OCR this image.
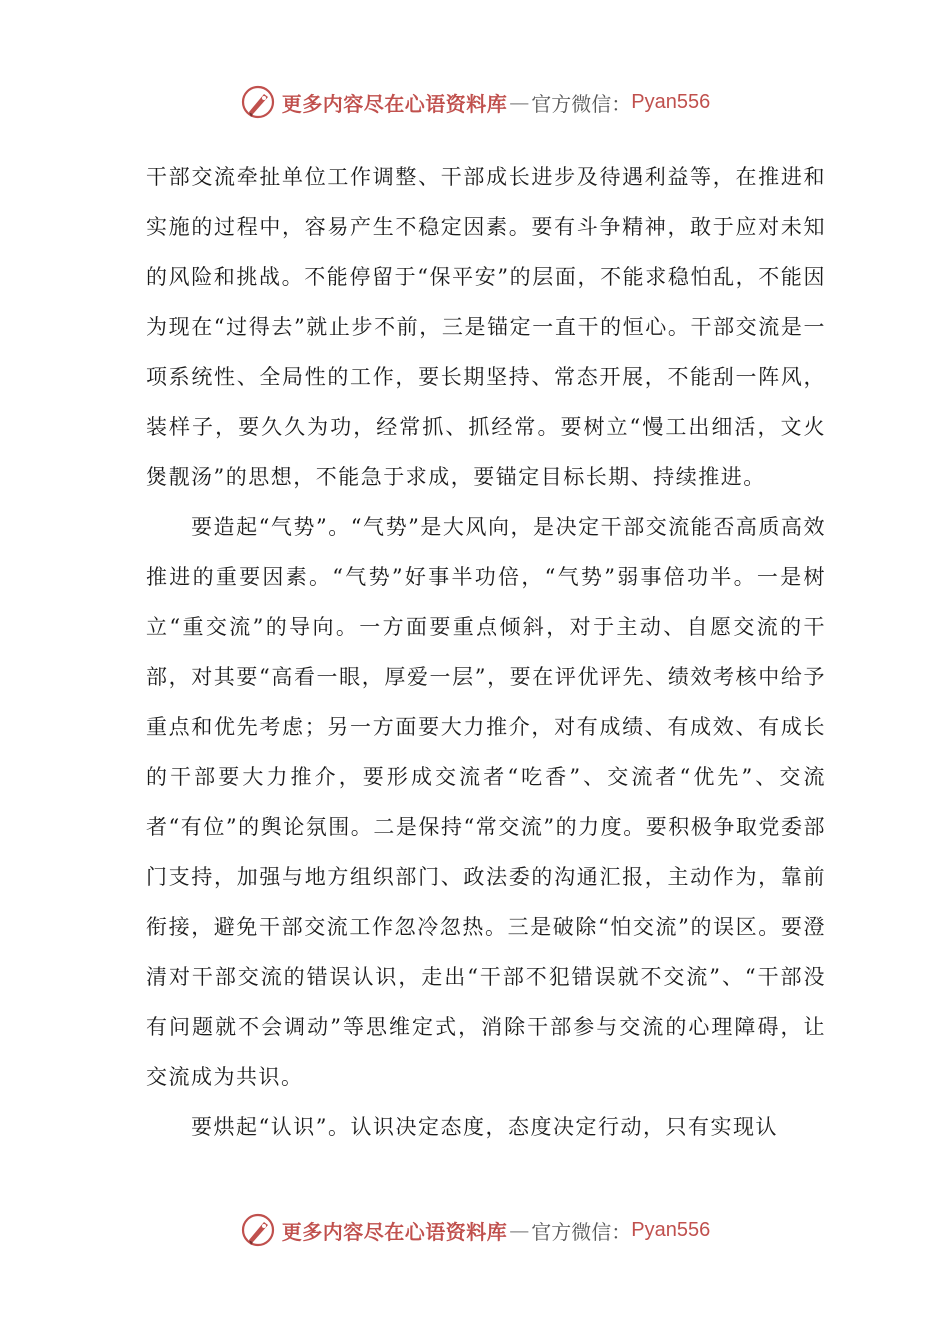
更多内容尽在心语资料库 — 官方微信： Pyan556

干部交流牵扯单位工作调整、干部成长进步及待遇利益等，在推进和实施的过程中，容易产生不稳定因素。要有斗争精神，敢于应对未知的风险和挑战。不能停留于“保平安”的层面，不能求稳怕乱，不能因为现在“过得去”就止步不前，三是锚定一直干的恒心。干部交流是一项系统性、全局性的工作，要长期坚持、常态开展，不能刮一阵风，装样子，要久久为功，经常抓、抓经常。要树立“慢工出细活，文火煲靓汤”的思想，不能急于求成，要锚定目标长期、持续推进。

要造起“气势”。“气势”是大风向，是决定干部交流能否高质高效推进的重要因素。“气势”好事半功倍，“气势”弱事倍功半。一是树立“重交流”的导向。一方面要重点倾斜，对于主动、自愿交流的干部，对其要“高看一眼，厚爱一层”，要在评优评先、绩效考核中给予重点和优先考虑；另一方面要大力推介，对有成绩、有成效、有成长的干部要大力推介，要形成交流者“吃香”、交流者“优先”、交流者“有位”的舆论氛围。二是保持“常交流”的力度。要积极争取党委部门支持，加强与地方组织部门、政法委的沟通汇报，主动作为，靠前衔接，避免干部交流工作忽冷忽热。三是破除“怕交流”的误区。要澄清对干部交流的错误认识，走出“干部不犯错误就不交流”、“干部没有问题就不会调动”等思维定式，消除干部参与交流的心理障碍，让交流成为共识。

要烘起“认识”。认识决定态度，态度决定行动，只有实现认

更多内容尽在心语资料库 — 官方微信： Pyan556
